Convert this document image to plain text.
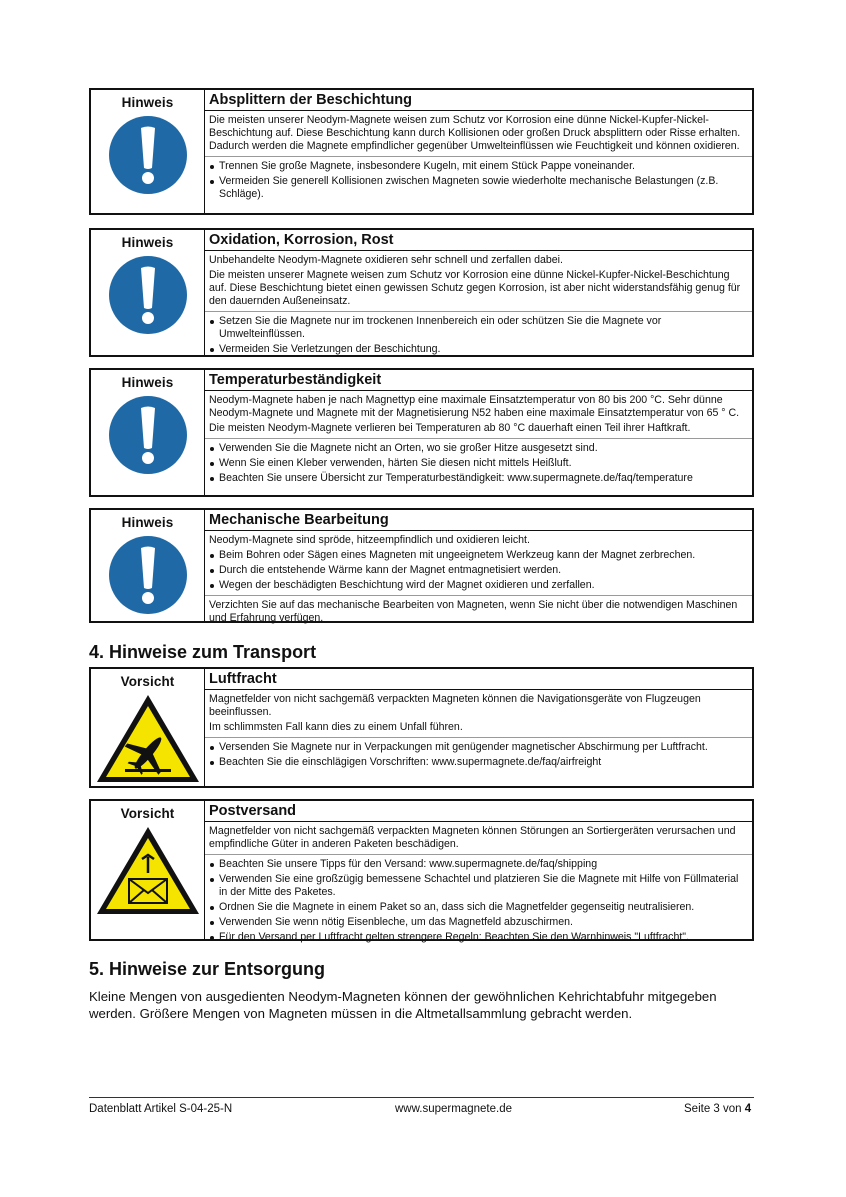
Hinweis	Absplittern der Beschichtung

Die meisten unserer Neodym-Magnete weisen zum Schutz vor Korrosion eine dünne Nickel-Kupfer-Nickel-Beschichtung auf. Diese Beschichtung kann durch Kollisionen oder großen Druck absplittern oder Risse erhalten. Dadurch werden die Magnete empfindlicher gegenüber Umwelteinflüssen wie Feuchtigkeit und können oxidieren.

Trennen Sie große Magnete, insbesondere Kugeln, mit einem Stück Pappe voneinander.

Vermeiden Sie generell Kollisionen zwischen Magneten sowie wiederholte mechanische Belastungen (z.B. Schläge).

Hinweis	Oxidation, Korrosion, Rost

Unbehandelte Neodym-Magnete oxidieren sehr schnell und zerfallen dabei.

Die meisten unserer Magnete weisen zum Schutz vor Korrosion eine dünne Nickel-Kupfer-Nickel-Beschichtung auf. Diese Beschichtung bietet einen gewissen Schutz gegen Korrosion, ist aber nicht widerstandsfähig genug für den dauernden Außeneinsatz.

Setzen Sie die Magnete nur im trockenen Innenbereich ein oder schützen Sie die Magnete vor Umwelteinflüssen.

Vermeiden Sie Verletzungen der Beschichtung.

Hinweis	Temperaturbeständigkeit

Neodym-Magnete haben je nach Magnettyp eine maximale Einsatztemperatur von 80 bis 200 °C. Sehr dünne Neodym-Magnete und Magnete mit der Magnetisierung N52 haben eine maximale Einsatztemperatur von 65 ° C.

Die meisten Neodym-Magnete verlieren bei Temperaturen ab 80 °C dauerhaft einen Teil ihrer Haftkraft.

Verwenden Sie die Magnete nicht an Orten, wo sie großer Hitze ausgesetzt sind.

Wenn Sie einen Kleber verwenden, härten Sie diesen nicht mittels Heißluft.

Beachten Sie unsere Übersicht zur Temperaturbeständigkeit: www.supermagnete.de/faq/temperature

Hinweis	Mechanische Bearbeitung

Neodym-Magnete sind spröde, hitzeempfindlich und oxidieren leicht.

Beim Bohren oder Sägen eines Magneten mit ungeeignetem Werkzeug kann der Magnet zerbrechen.

Durch die entstehende Wärme kann der Magnet entmagnetisiert werden.

Wegen der beschädigten Beschichtung wird der Magnet oxidieren und zerfallen.

Verzichten Sie auf das mechanische Bearbeiten von Magneten, wenn Sie nicht über die notwendigen Maschinen und Erfahrung verfügen.

4. Hinweise zum Transport
Vorsicht	Luftfracht

Magnetfelder von nicht sachgemäß verpackten Magneten können die Navigationsgeräte von Flugzeugen beeinflussen.

Im schlimmsten Fall kann dies zu einem Unfall führen.

Versenden Sie Magnete nur in Verpackungen mit genügender magnetischer Abschirmung per Luftfracht.

Beachten Sie die einschlägigen Vorschriften: www.supermagnete.de/faq/airfreight

Vorsicht	Postversand

Magnetfelder von nicht sachgemäß verpackten Magneten können Störungen an Sortiergeräten verursachen und empfindliche Güter in anderen Paketen beschädigen.

Beachten Sie unsere Tipps für den Versand: www.supermagnete.de/faq/shipping

Verwenden Sie eine großzügig bemessene Schachtel und platzieren Sie die Magnete mit Hilfe von Füllmaterial in der Mitte des Paketes.

Ordnen Sie die Magnete in einem Paket so an, dass sich die Magnetfelder gegenseitig neutralisieren.

Verwenden Sie wenn nötig Eisenbleche, um das Magnetfeld abzuschirmen.

Für den Versand per Luftfracht gelten strengere Regeln: Beachten Sie den Warnhinweis "Luftfracht".

5. Hinweise zur Entsorgung

Kleine Mengen von ausgedienten Neodym-Magneten können der gewöhnlichen Kehrichtabfuhr mitgegeben werden. Größere Mengen von Magneten müssen in die Altmetallsammlung gebracht werden.

Datenblatt Artikel S-04-25-N	www.supermagnete.de	Seite 3 von 4
